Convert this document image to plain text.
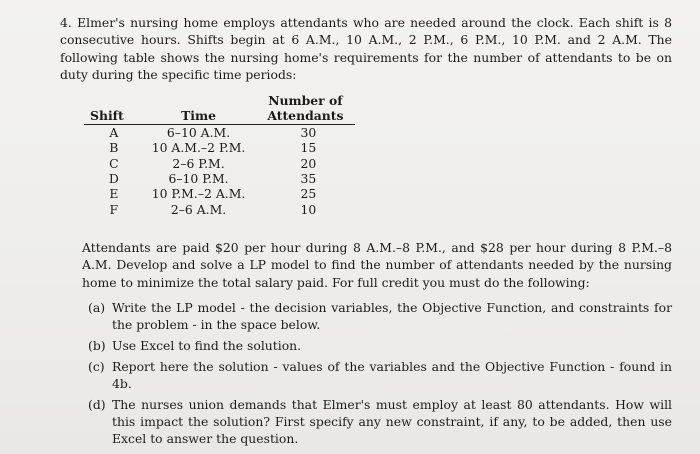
4. Elmer's nursing home employs attendants who are needed around the clock. Each shift is 8 consecutive hours. Shifts begin at 6 A.M., 10 A.M., 2 P.M., 6 P.M., 10 P.M. and 2 A.M. The following table shows the nursing home's requirements for the number of attendants to be on duty during the specific time periods:
		Number of
Shift	Time	Attendants
A	6–10 A.M.	30
B	10 A.M.–2 P.M.	15
C	2–6 P.M.	20
D	6–10 P.M.	35
E	10 P.M.–2 A.M.	25
F	2–6 A.M.	10
Attendants are paid $20 per hour during 8 A.M.–8 P.M., and $28 per hour during 8 P.M.–8 A.M. Develop and solve a LP model to find the number of attendants needed by the nursing home to minimize the total salary paid. For full credit you must do the following:
(a) Write the LP model - the decision variables, the Objective Function, and constraints for the problem - in the space below.
(b) Use Excel to find the solution.
(c) Report here the solution - values of the variables and the Objective Function - found in 4b.
(d) The nurses union demands that Elmer's must employ at least 80 attendants. How will this impact the solution? First specify any new constraint, if any, to be added, then use Excel to answer the question.
